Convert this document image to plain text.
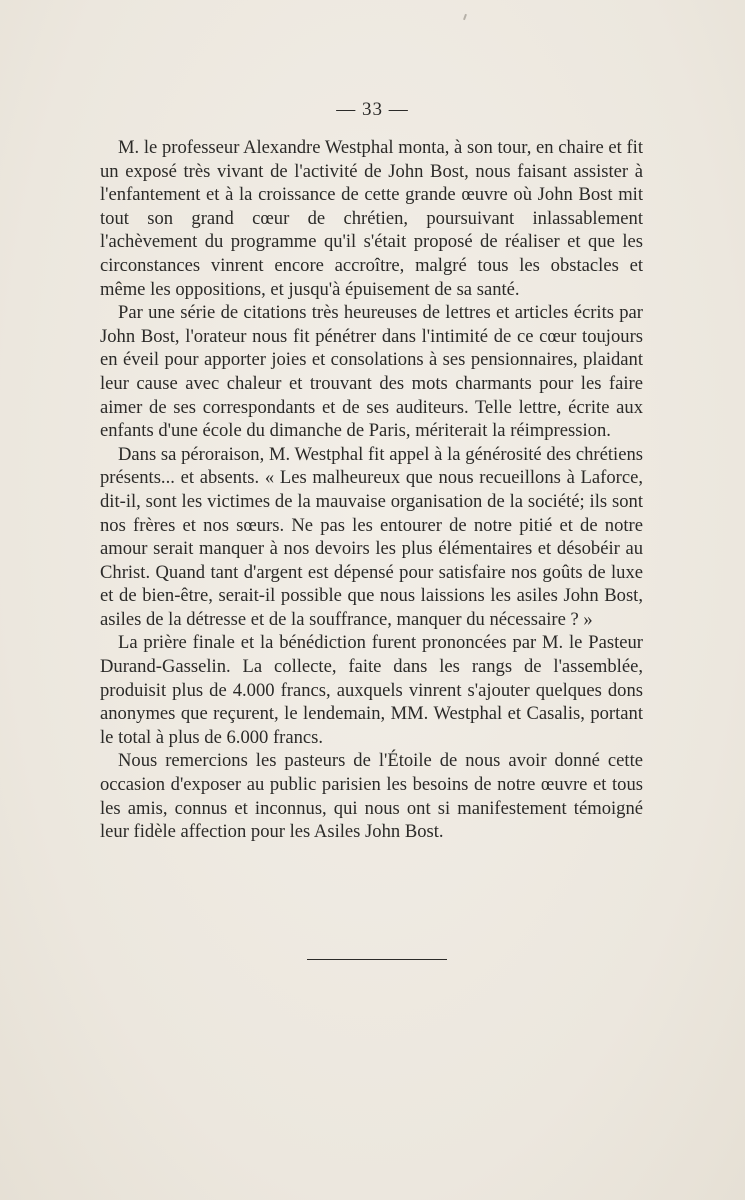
— 33 —

M. le professeur Alexandre Westphal monta, à son tour, en chaire et fit un exposé très vivant de l'activité de John Bost, nous faisant assister à l'enfantement et à la croissance de cette grande œuvre où John Bost mit tout son grand cœur de chrétien, poursuivant inlassablement l'achèvement du programme qu'il s'était proposé de réaliser et que les circonstances vinrent encore accroître, malgré tous les obstacles et même les oppositions, et jusqu'à épuisement de sa santé.

Par une série de citations très heureuses de lettres et articles écrits par John Bost, l'orateur nous fit pénétrer dans l'intimité de ce cœur toujours en éveil pour apporter joies et consolations à ses pensionnaires, plaidant leur cause avec chaleur et trouvant des mots charmants pour les faire aimer de ses correspondants et de ses auditeurs. Telle lettre, écrite aux enfants d'une école du dimanche de Paris, mériterait la réimpression.

Dans sa péroraison, M. Westphal fit appel à la générosité des chrétiens présents... et absents. « Les malheureux que nous recueillons à Laforce, dit-il, sont les victimes de la mauvaise organisation de la société; ils sont nos frères et nos sœurs. Ne pas les entourer de notre pitié et de notre amour serait manquer à nos devoirs les plus élémentaires et désobéir au Christ. Quand tant d'argent est dépensé pour satisfaire nos goûts de luxe et de bien-être, serait-il possible que nous laissions les asiles John Bost, asiles de la détresse et de la souffrance, manquer du nécessaire ? »

La prière finale et la bénédiction furent prononcées par M. le Pasteur Durand-Gasselin. La collecte, faite dans les rangs de l'assemblée, produisit plus de 4.000 francs, auxquels vinrent s'ajouter quelques dons anonymes que reçurent, le lendemain, MM. Westphal et Casalis, portant le total à plus de 6.000 francs.

Nous remercions les pasteurs de l'Étoile de nous avoir donné cette occasion d'exposer au public parisien les besoins de notre œuvre et tous les amis, connus et inconnus, qui nous ont si manifestement témoigné leur fidèle affection pour les Asiles John Bost.
